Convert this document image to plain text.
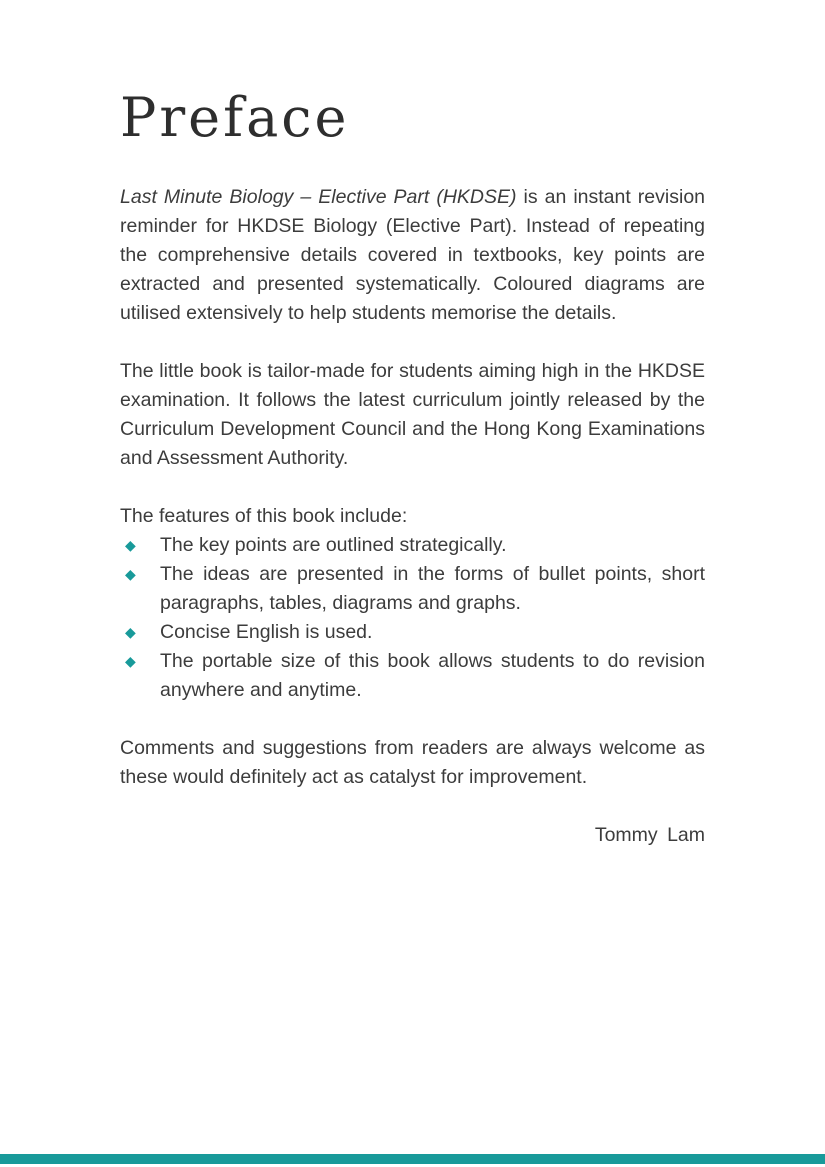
Preface

Last Minute Biology – Elective Part (HKDSE) is an instant revision reminder for HKDSE Biology (Elective Part). Instead of repeating the comprehensive details covered in textbooks, key points are extracted and presented systematically. Coloured diagrams are utilised extensively to help students memorise the details.

The little book is tailor-made for students aiming high in the HKDSE examination. It follows the latest curriculum jointly released by the Curriculum Development Council and the Hong Kong Examinations and Assessment Authority.

The features of this book include:

◆	The key points are outlined strategically.
◆	The ideas are presented in the forms of bullet points, short paragraphs, tables, diagrams and graphs.
◆	Concise English is used.
◆	The portable size of this book allows students to do revision anywhere and anytime.

Comments and suggestions from readers are always welcome as these would definitely act as catalyst for improvement.

Tommy Lam
